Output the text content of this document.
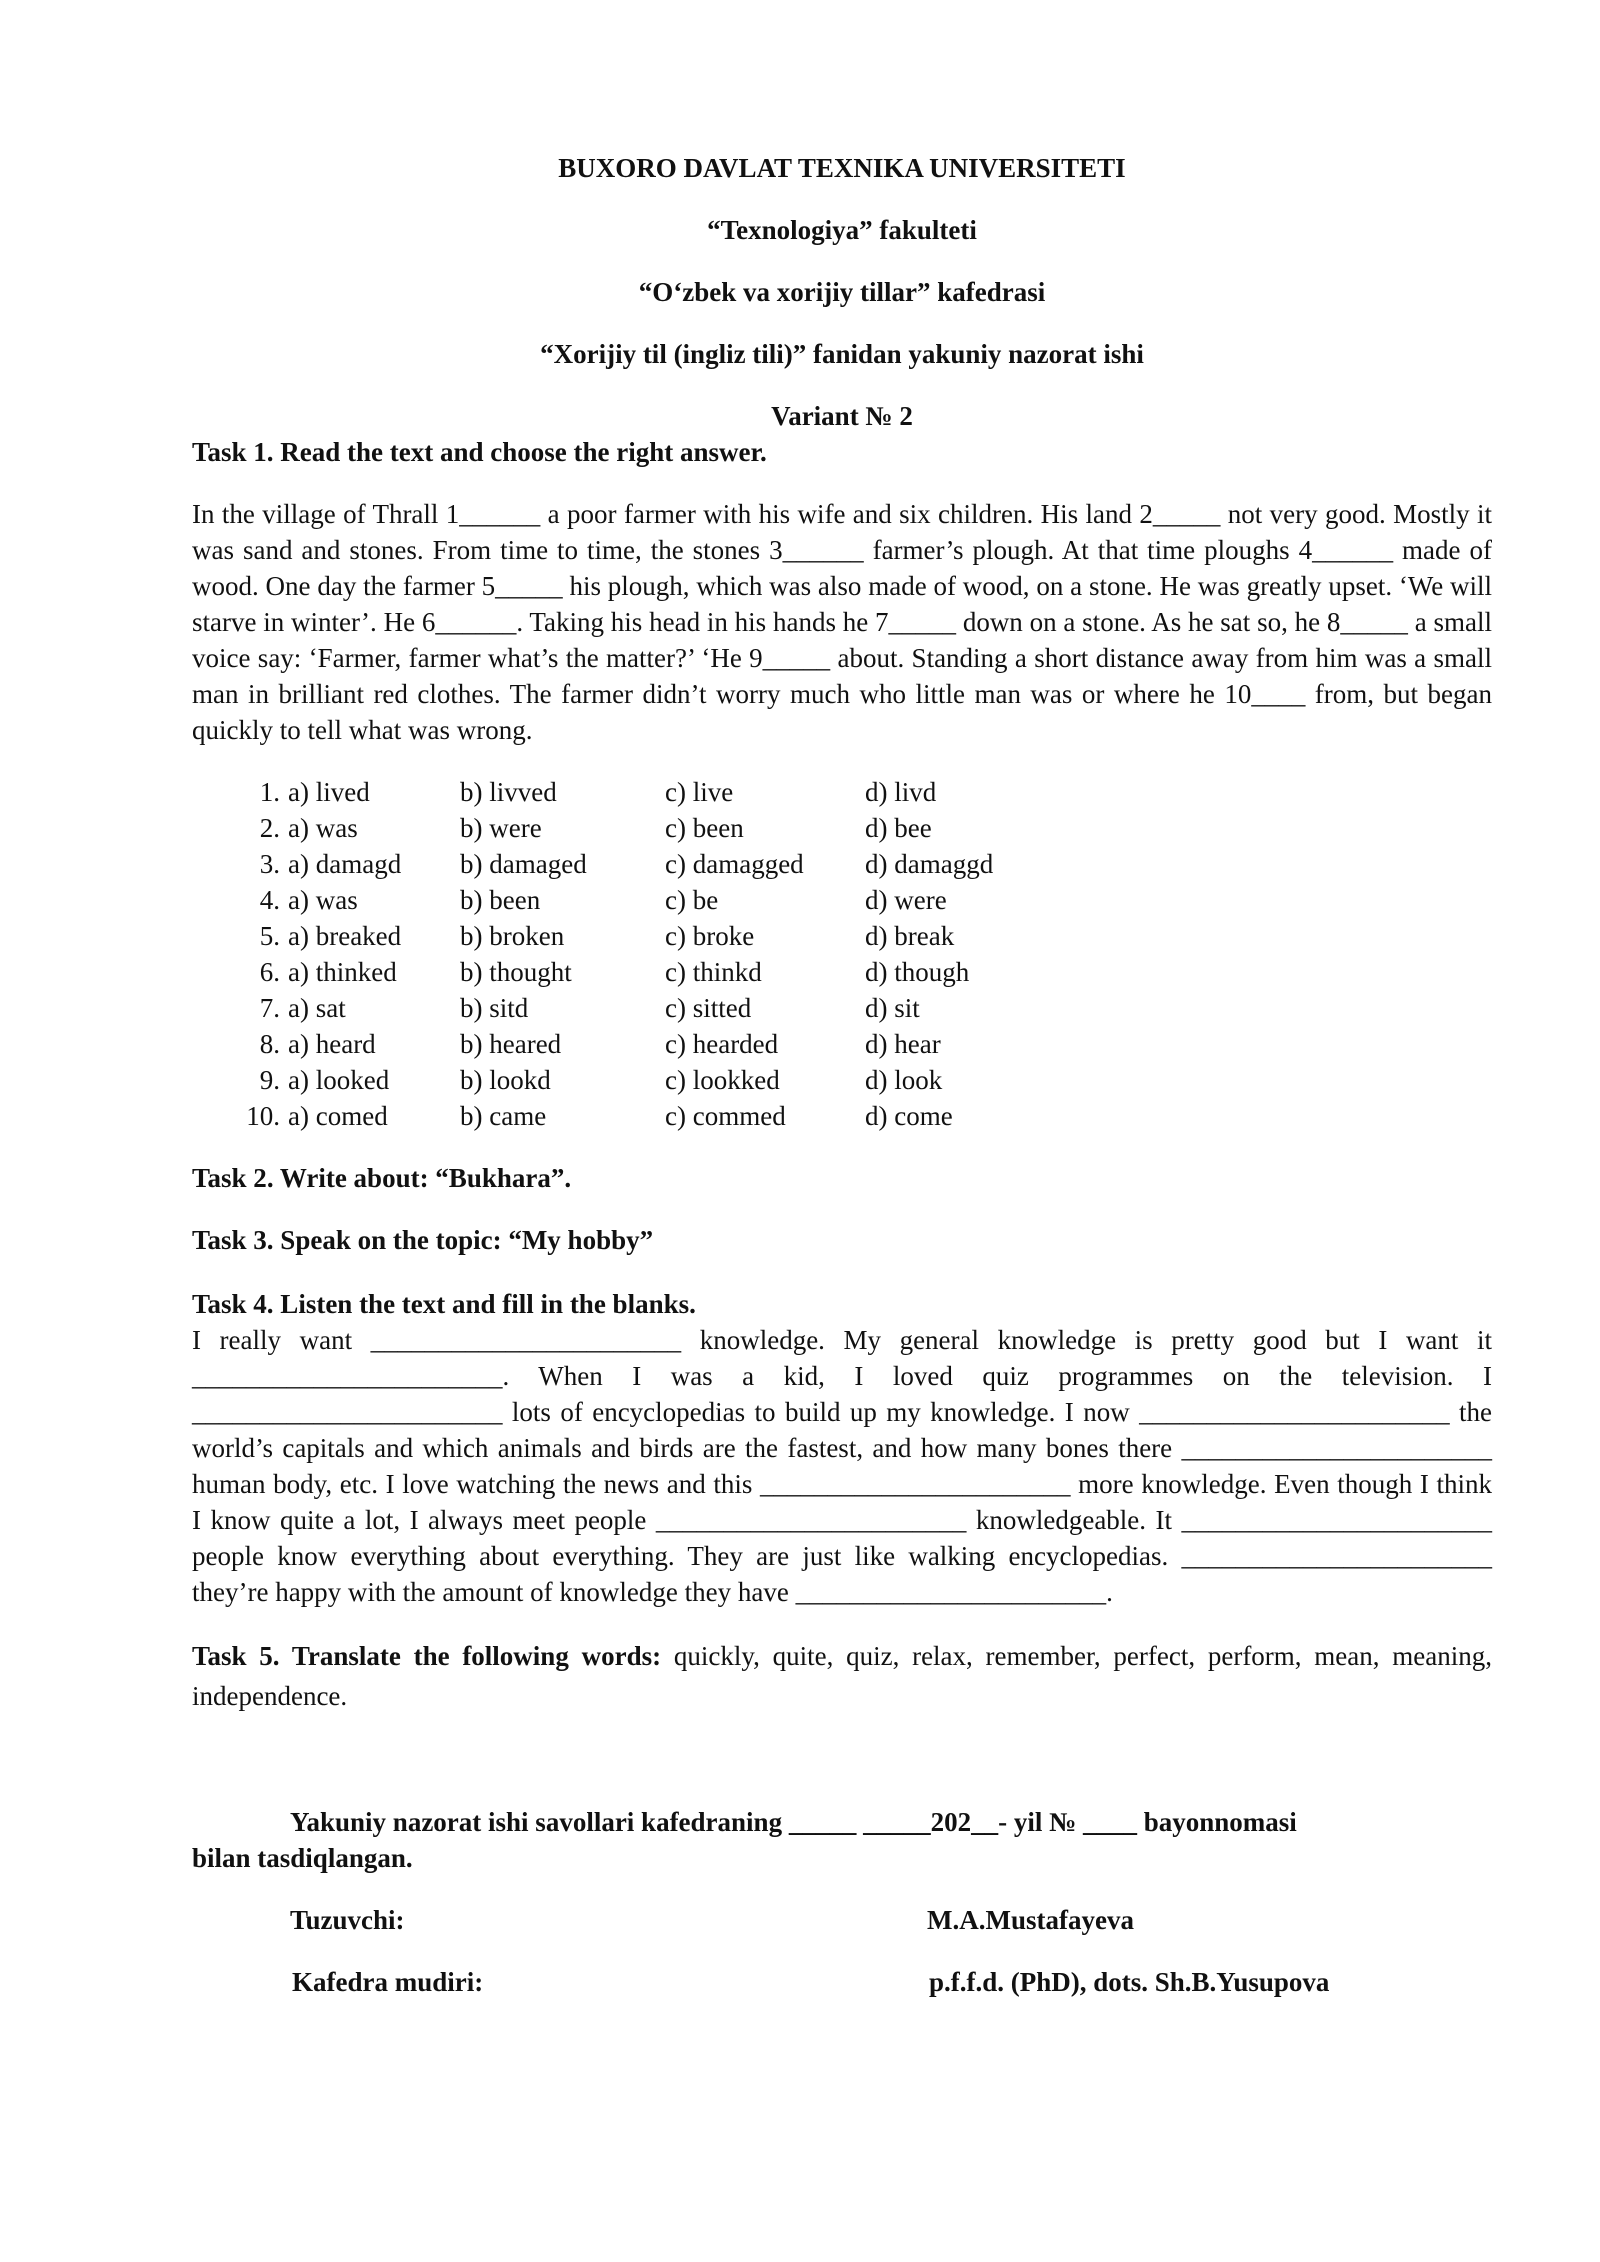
BUXORO DAVLAT TEXNIKA UNIVERSITETI
“Texnologiya” fakulteti
“O‘zbek va xorijiy tillar” kafedrasi
“Xorijiy til (ingliz tili)” fanidan yakuniy nazorat ishi
Variant № 2
Task 1. Read the text and choose the right answer.

In the village of Thrall 1______ a poor farmer with his wife and six children. His land 2_____ not very good. Mostly it was sand and stones. From time to time, the stones 3______ farmer’s plough. At that time ploughs 4______ made of wood. One day the farmer 5_____ his plough, which was also made of wood, on a stone. He was greatly upset. ‘We will starve in winter’. He 6______. Taking his head in his hands he 7_____ down on a stone. As he sat so, he 8_____ a small voice say: ‘Farmer, farmer what’s the matter?’ ‘He 9_____ about. Standing a short distance away from him was a small man in brilliant red clothes. The farmer didn’t worry much who little man was or where he 10____ from, but began quickly to tell what was wrong.

1. a) lived	b) livved	c) live	d) livd
2. a) was	b) were	c) been	d) bee
3. a) damagd	b) damaged	c) damagged	d) damaggd
4. a) was	b) been	c) be	d) were
5. a) breaked	b) broken	c) broke	d) break
6. a) thinked	b) thought	c) thinkd	d) though
7. a) sat	b) sitd	c) sitted	d) sit
8. a) heard	b) heared	c) hearded	d) hear
9. a) looked	b) lookd	c) lookked	d) look
10. a) comed	b) came	c) commed	d) come
Task 2. Write about: “Bukhara”.
Task 3. Speak on the topic: “My hobby”
Task 4. Listen the text and fill in the blanks.

I really want _______________________ knowledge. My general knowledge is pretty good but I want it _______________________. When I was a kid, I loved quiz programmes on the television. I _______________________ lots of encyclopedias to build up my knowledge. I now _______________________ the world’s capitals and which animals and birds are the fastest, and how many bones there _______________________ human body, etc. I love watching the news and this _______________________ more knowledge. Even though I think I know quite a lot, I always meet people _______________________ knowledgeable. It _______________________ people know everything about everything. They are just like walking encyclopedias. _______________________ they’re happy with the amount of knowledge they have _______________________.

Task 5. Translate the following words: quickly, quite, quiz, relax, remember, perfect, perform, mean, meaning, independence.

Yakuniy nazorat ishi savollari kafedraning _____ _____202__- yil № ____ bayonnomasi
bilan tasdiqlangan.
Tuzuvchi:	M.A.Mustafayeva
Kafedra mudiri:	p.f.f.d. (PhD), dots. Sh.B.Yusupova
